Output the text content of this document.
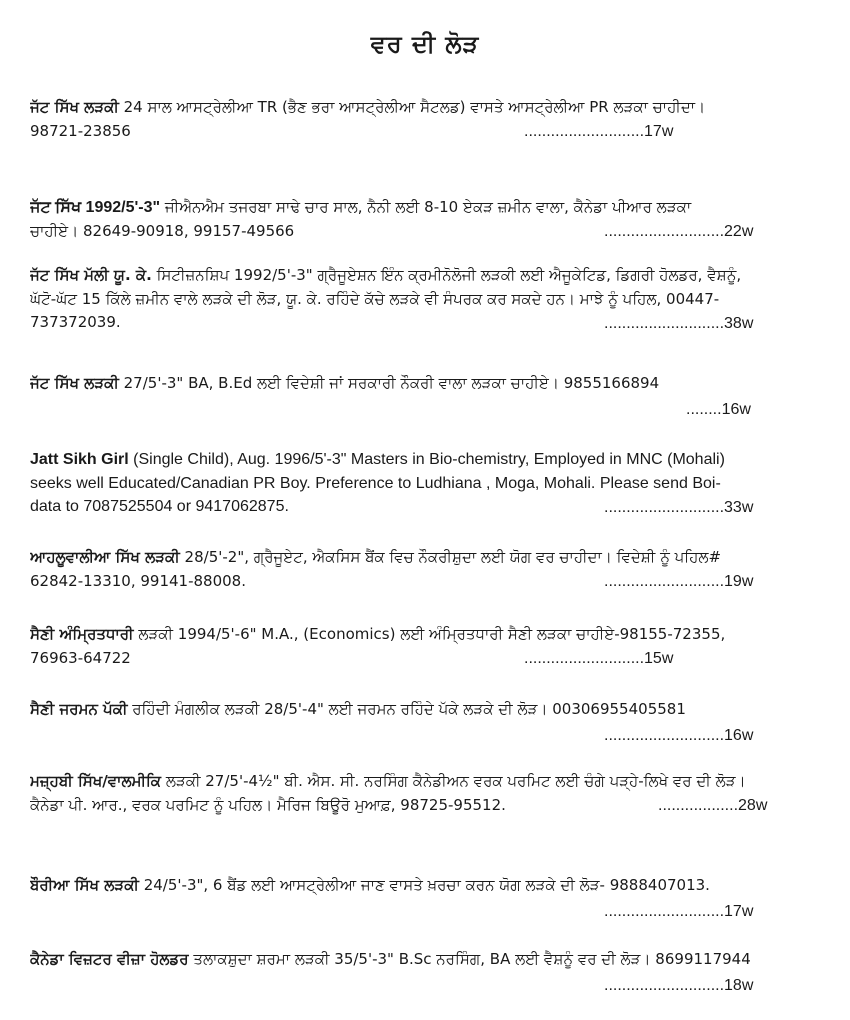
ਵਰ ਦੀ ਲੋੜ
ਜੱਟ ਸਿੱਖ ਲੜਕੀ 24 ਸਾਲ ਆਸਟ੍ਰੇਲੀਆ TR (ਭੈਣ ਭਰਾ ਆਸਟ੍ਰੇਲੀਆ ਸੈਟਲਡ) ਵਾਸਤੇ ਆਸਟ੍ਰੇਲੀਆ PR ਲੜਕਾ ਚਾਹੀਦਾ।
98721-23856	...........................17w
ਜੱਟ ਸਿੱਖ 1992/5'-3" ਜੀਐਨਐਮ ਤਜਰਬਾ ਸਾਢੇ ਚਾਰ ਸਾਲ, ਨੈਨੀ ਲਈ 8-10 ਏਕੜ ਜ਼ਮੀਨ ਵਾਲਾ, ਕੈਨੇਡਾ ਪੀਆਰ ਲੜਕਾ
ਚਾਹੀਏ। 82649-90918, 99157-49566	...........................22w
ਜੱਟ ਸਿੱਖ ਮੱਲੀ ਯੂ. ਕੇ. ਸਿਟੀਜ਼ਨਸ਼ਿਪ 1992/5'-3" ਗ੍ਰੈਜੂਏਸ਼ਨ ਇੰਨ ਕ੍ਰਮੀਨੋਲੋਜੀ ਲੜਕੀ ਲਈ ਐਜੂਕੇਟਿਡ, ਡਿਗਰੀ ਹੋਲਡਰ, ਵੈਸ਼ਨੂੰ,
ਘੱਟੋ-ਘੱਟ 15 ਕਿੱਲੇ ਜ਼ਮੀਨ ਵਾਲੇ ਲੜਕੇ ਦੀ ਲੋੜ, ਯੂ. ਕੇ. ਰਹਿੰਦੇ ਕੱਚੇ ਲੜਕੇ ਵੀ ਸੰਪਰਕ ਕਰ ਸਕਦੇ ਹਨ। ਮਾਝੇ ਨੂੰ ਪਹਿਲ, 00447-
737372039.	...........................38w
ਜੱਟ ਸਿੱਖ ਲੜਕੀ 27/5'-3" BA, B.Ed ਲਈ ਵਿਦੇਸ਼ੀ ਜਾਂ ਸਰਕਾਰੀ ਨੌਕਰੀ ਵਾਲਾ ਲੜਕਾ ਚਾਹੀਏ। 9855166894
........16w
Jatt Sikh Girl (Single Child), Aug. 1996/5'-3" Masters in Bio-chemistry, Employed in MNC (Mohali)
seeks well Educated/Canadian PR Boy. Preference to Ludhiana , Moga, Mohali. Please send Boi-
data to 7087525504 or 9417062875.	...........................33w
ਆਹਲੂਵਾਲੀਆ ਸਿੱਖ ਲੜਕੀ 28/5'-2", ਗ੍ਰੈਜੂਏਟ, ਐਕਸਿਸ ਬੈਂਕ ਵਿਚ ਨੌਕਰੀਸ਼ੁਦਾ ਲਈ ਯੋਗ ਵਰ ਚਾਹੀਦਾ। ਵਿਦੇਸ਼ੀ ਨੂੰ ਪਹਿਲ#
62842-13310, 99141-88008.	...........................19w
ਸੈਣੀ ਅੰਮ੍ਰਿਤਧਾਰੀ ਲੜਕੀ 1994/5'-6" M.A., (Economics) ਲਈ ਅੰਮ੍ਰਿਤਧਾਰੀ ਸੈਣੀ ਲੜਕਾ ਚਾਹੀਏ-98155-72355,
76963-64722	...........................15w
ਸੈਣੀ ਜਰਮਨ ਪੱਕੀ ਰਹਿੰਦੀ ਮੰਗਲੀਕ ਲੜਕੀ 28/5'-4" ਲਈ ਜਰਮਨ ਰਹਿੰਦੇ ਪੱਕੇ ਲੜਕੇ ਦੀ ਲੋੜ। 00306955405581
...........................16w
ਮਜ਼੍ਹਬੀ ਸਿੱਖ/ਵਾਲਮੀਕਿ ਲੜਕੀ 27/5'-4½" ਬੀ. ਐਸ. ਸੀ. ਨਰਸਿੰਗ ਕੈਨੇਡੀਅਨ ਵਰਕ ਪਰਮਿਟ ਲਈ ਚੰਗੇ ਪੜ੍ਹੇ-ਲਿਖੇ ਵਰ ਦੀ ਲੋੜ।
ਕੈਨੇਡਾ ਪੀ. ਆਰ., ਵਰਕ ਪਰਮਿਟ ਨੂੰ ਪਹਿਲ। ਮੈਰਿਜ ਬਿਊਰੋ ਮੁਆਫ਼, 98725-95512.	..................28w
ਬੌਰੀਆ ਸਿੱਖ ਲੜਕੀ 24/5'-3", 6 ਬੈਂਡ ਲਈ ਆਸਟ੍ਰੇਲੀਆ ਜਾਣ ਵਾਸਤੇ ਖ਼ਰਚਾ ਕਰਨ ਯੋਗ ਲੜਕੇ ਦੀ ਲੋੜ- 9888407013.
...........................17w
ਕੈਨੇਡਾ ਵਿਜ਼ਟਰ ਵੀਜ਼ਾ ਹੋਲਡਰ ਤਲਾਕਸ਼ੁਦਾ ਸ਼ਰਮਾ ਲੜਕੀ 35/5'-3" B.Sc ਨਰਸਿੰਗ, BA ਲਈ ਵੈਸ਼ਨੂੰ ਵਰ ਦੀ ਲੋੜ। 8699117944
...........................18w
